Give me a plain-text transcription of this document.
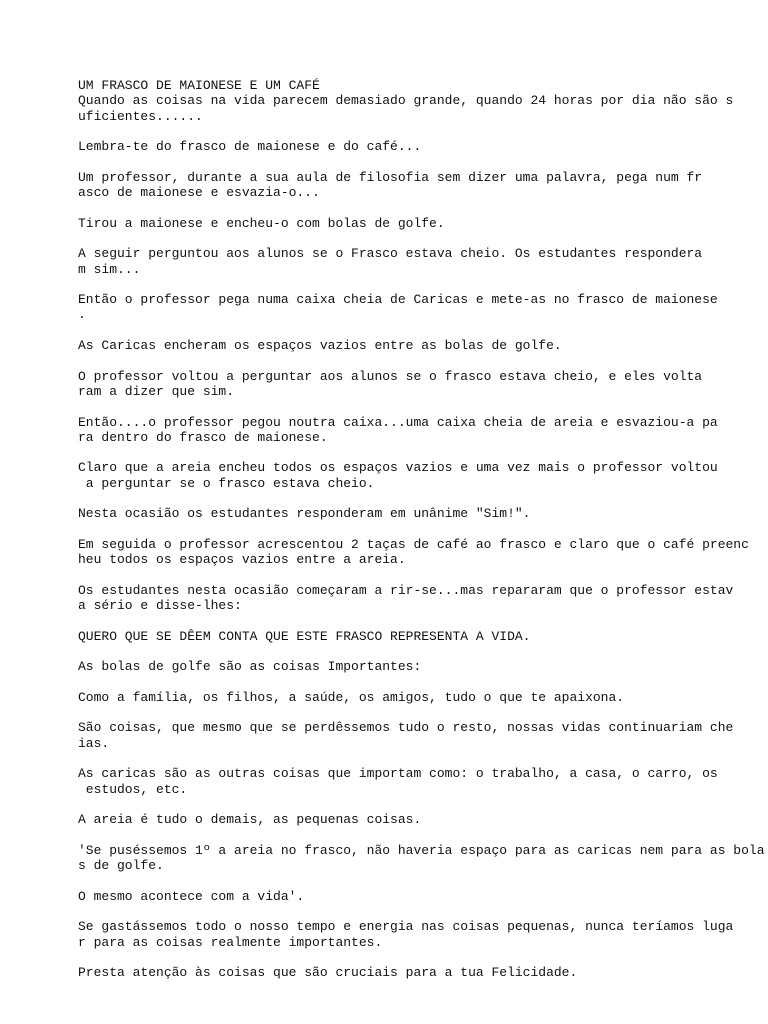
UM FRASCO DE MAIONESE E UM CAFÉ
Quando as coisas na vida parecem demasiado grande, quando 24 horas por dia não são s
uficientes......
Lembra-te do frasco de maionese e do café...
Um professor, durante a sua aula de filosofia sem dizer uma palavra, pega num fr
asco de maionese e esvazia-o...
Tirou a maionese e encheu-o com bolas de golfe.
A seguir perguntou aos alunos se o Frasco estava cheio. Os estudantes respondera
m sim...
Então o professor pega numa caixa cheia de Caricas e mete-as no frasco de maionese
.
As Caricas encheram os espaços vazios entre as bolas de golfe.
O professor voltou a perguntar aos alunos se o frasco estava cheio, e eles volta
ram a dizer que sim.
Então....o professor pegou noutra caixa...uma caixa cheia de areia e esvaziou-a pa
ra dentro do frasco de maionese.
Claro que a areia encheu todos os espaços vazios e uma vez mais o professor voltou
a perguntar se o frasco estava cheio.
Nesta ocasião os estudantes responderam em unânime "Sim!".
Em seguida o professor acrescentou 2 taças de café ao frasco e claro que o café preenc
heu todos os espaços vazios entre a areia.
Os estudantes nesta ocasião começaram a rir-se...mas repararam que o professor estav
a sério e disse-lhes:
QUERO QUE SE DÊEM CONTA QUE ESTE FRASCO REPRESENTA A VIDA.
As bolas de golfe são as coisas Importantes:
Como a família, os filhos, a saúde, os amigos, tudo o que te apaixona.
São coisas, que mesmo que se perdêssemos tudo o resto, nossas vidas continuariam che
ias.
As caricas são as outras coisas que importam como: o trabalho, a casa, o carro, os
estudos, etc.
A areia é tudo o demais, as pequenas coisas.
'Se puséssemos 1º a areia no frasco, não haveria espaço para as caricas nem para as bola
s de golfe.
O mesmo acontece com a vida'.
Se gastássemos todo o nosso tempo e energia nas coisas pequenas, nunca teríamos luga
r para as coisas realmente importantes.
Presta atenção às coisas que são cruciais para a tua Felicidade.
